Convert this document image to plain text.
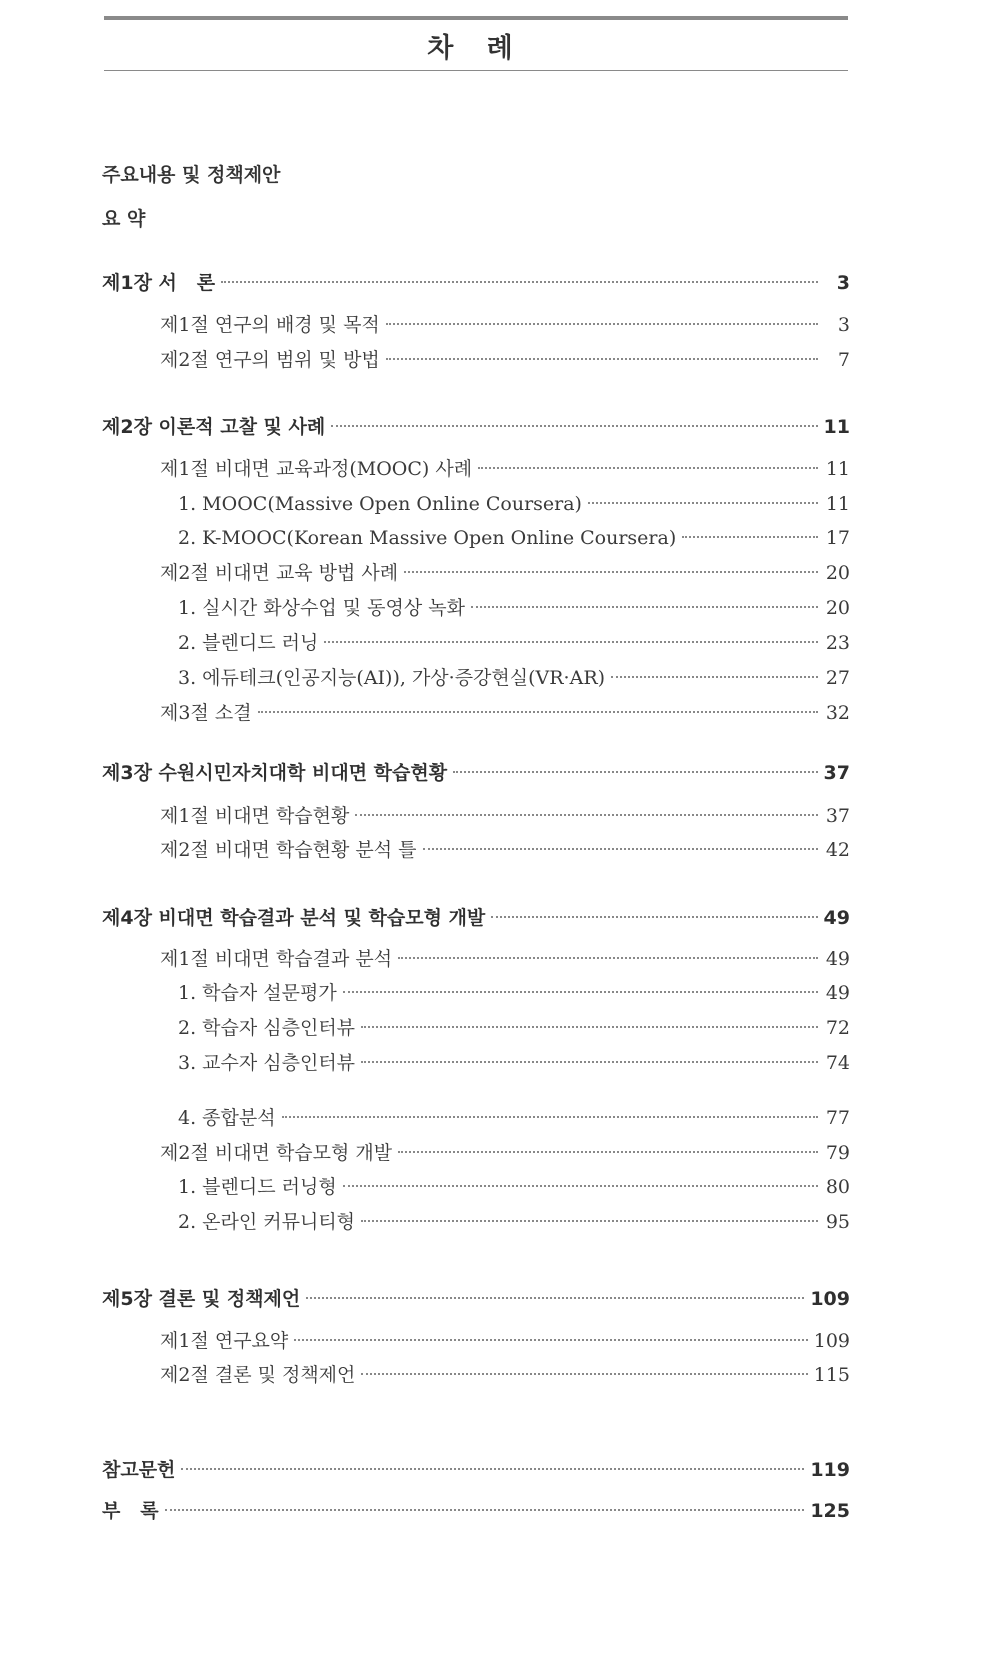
차 례
주요내용 및 정책제안
요 약
제1장 서   론	3
제1절 연구의 배경 및 목적	3
제2절 연구의 범위 및 방법	7
제2장 이론적 고찰 및 사례	11
제1절 비대면 교육과정(MOOC) 사례	11
1. MOOC(Massive Open Online Coursera)	11
2. K-MOOC(Korean Massive Open Online Coursera)	17
제2절 비대면 교육 방법 사례	20
1. 실시간 화상수업 및 동영상 녹화	20
2. 블렌디드 러닝	23
3. 에듀테크(인공지능(AI)), 가상·증강현실(VR·AR)	27
제3절 소결	32
제3장 수원시민자치대학 비대면 학습현황	37
제1절 비대면 학습현황	37
제2절 비대면 학습현황 분석 틀	42
제4장 비대면 학습결과 분석 및 학습모형 개발	49
제1절 비대면 학습결과 분석	49
1. 학습자 설문평가	49
2. 학습자 심층인터뷰	72
3. 교수자 심층인터뷰	74
4. 종합분석	77
제2절 비대면 학습모형 개발	79
1. 블렌디드 러닝형	80
2. 온라인 커뮤니티형	95
제5장 결론 및 정책제언	109
제1절 연구요약	109
제2절 결론 및 정책제언	115
참고문헌	119
부   록	125
